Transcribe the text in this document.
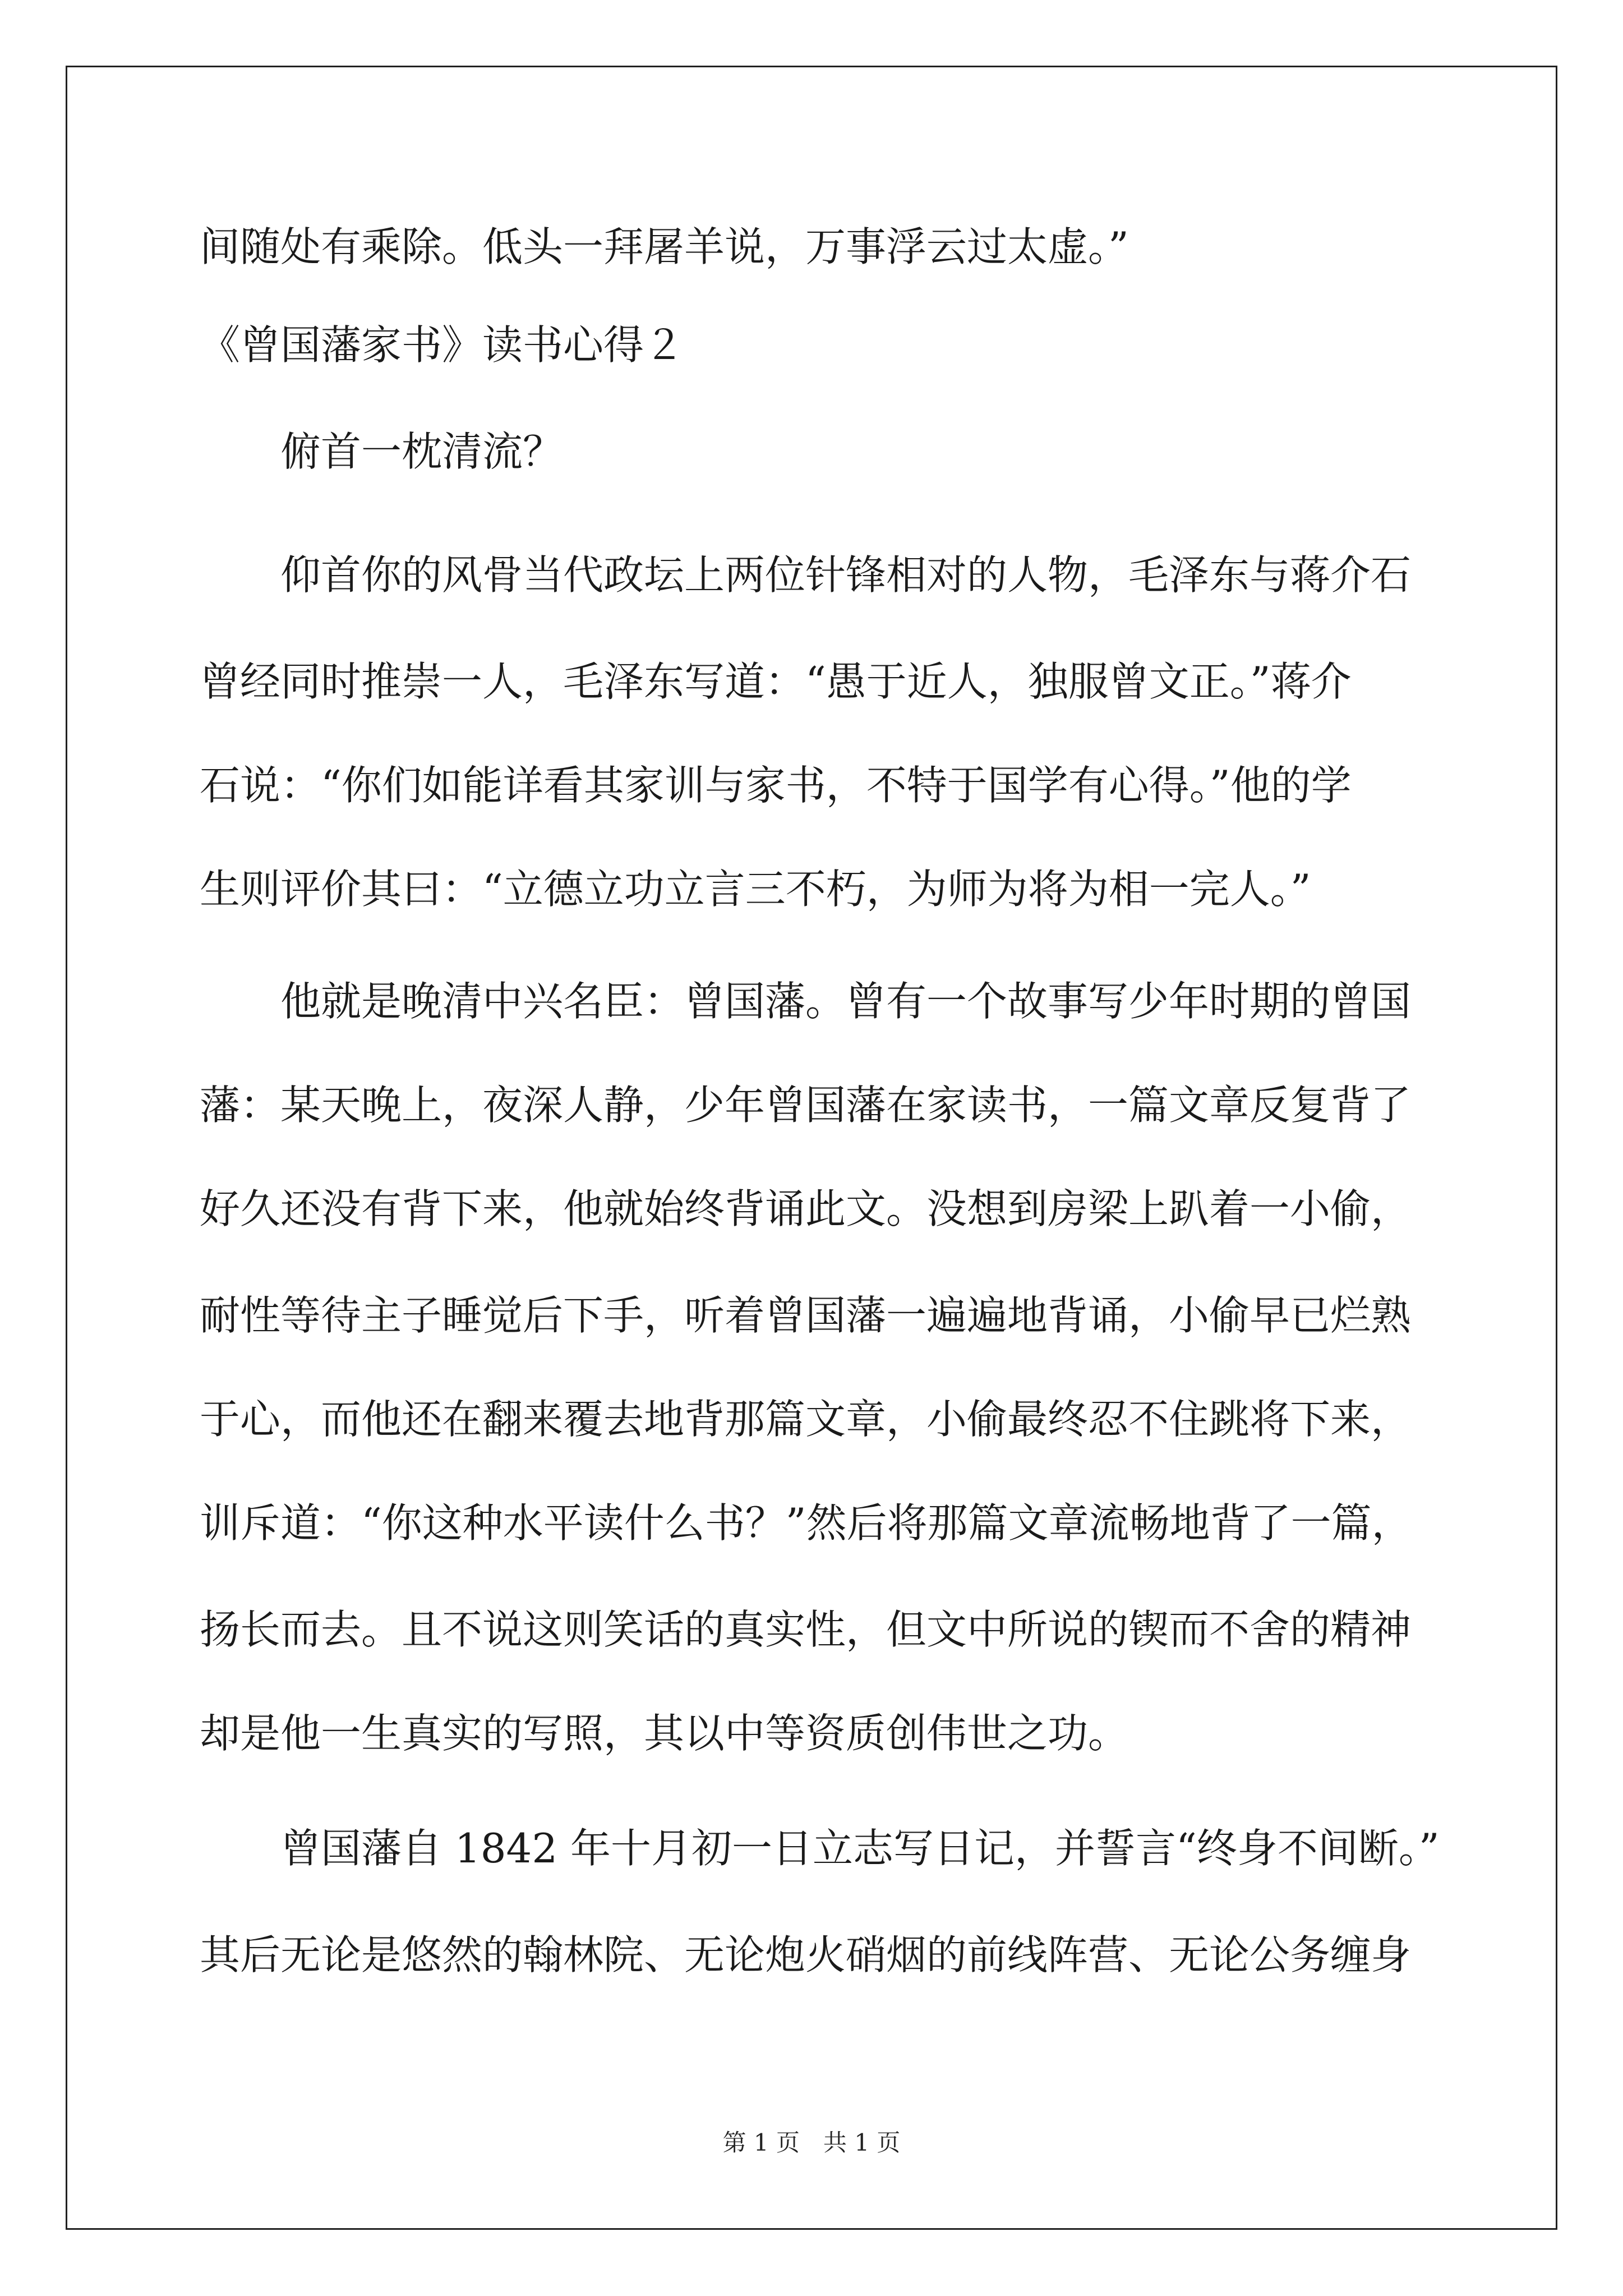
间随处有乘除。低头一拜屠羊说，万事浮云过太虚。”
《曾国藩家书》读书心得２
俯首一枕清流？
仰首你的风骨当代政坛上两位针锋相对的人物，毛泽东与蒋介石
曾经同时推崇一人，毛泽东写道：“愚于近人，独服曾文正。”蒋介
石说：“你们如能详看其家训与家书，不特于国学有心得。”他的学
生则评价其曰：“立德立功立言三不朽，为师为将为相一完人。”
他就是晚清中兴名臣：曾国藩。曾有一个故事写少年时期的曾国
藩：某天晚上，夜深人静，少年曾国藩在家读书，一篇文章反复背了
好久还没有背下来，他就始终背诵此文。没想到房梁上趴着一小偷，
耐性等待主子睡觉后下手，听着曾国藩一遍遍地背诵，小偷早已烂熟
于心，而他还在翻来覆去地背那篇文章，小偷最终忍不住跳将下来，
训斥道：“你这种水平读什么书？”然后将那篇文章流畅地背了一篇，
扬长而去。且不说这则笑话的真实性，但文中所说的锲而不舍的精神
却是他一生真实的写照，其以中等资质创伟世之功。
曾国藩自 1842 年十月初一日立志写日记，并誓言“终身不间断。”
其后无论是悠然的翰林院、无论炮火硝烟的前线阵营、无论公务缠身
第 1 页　共 1 页
